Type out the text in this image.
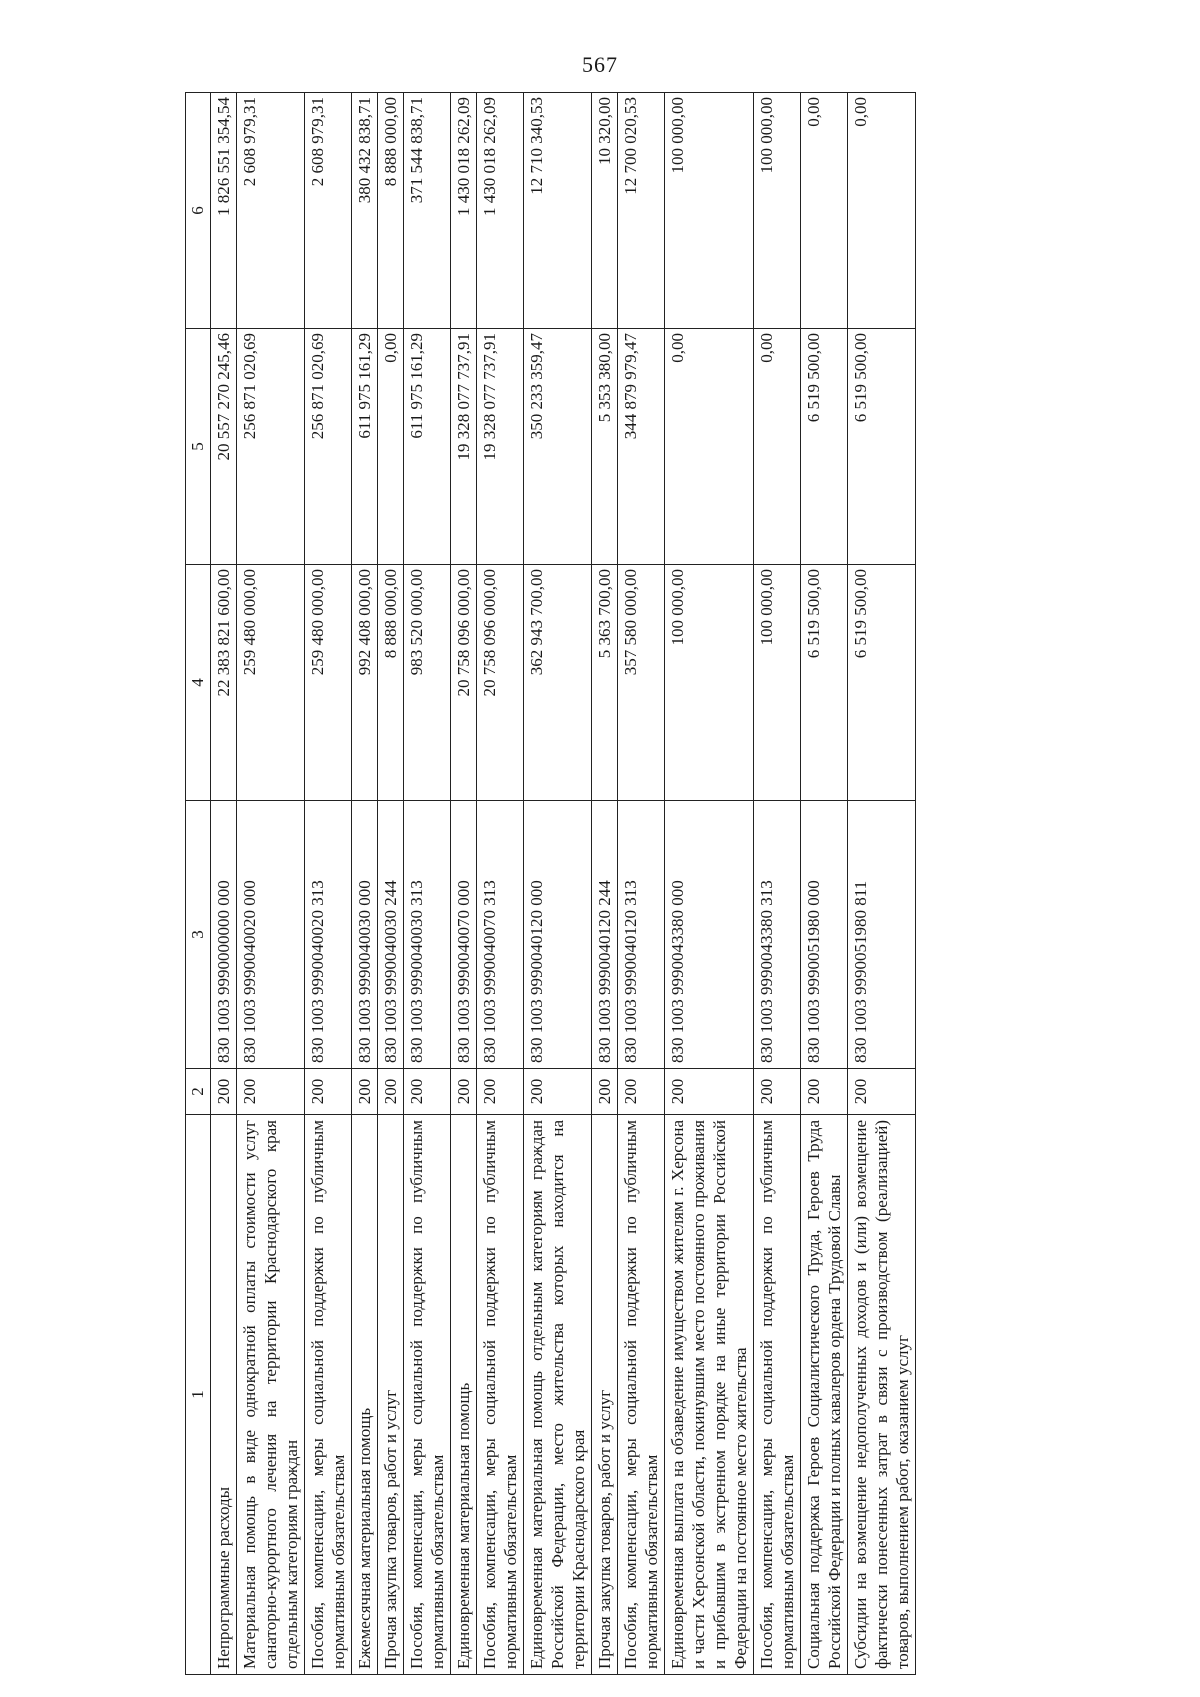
567
1	2	3	4	5	6
Непрограммные расходы	200	830 1003 9990000000 000	22 383 821 600,00	20 557 270 245,46	1 826 551 354,54
Материальная помощь в виде однократной оплаты стоимости услуг санаторно-курортного лечения на территории Краснодарского края отдельным категориям граждан	200	830 1003 9990040020 000	259 480 000,00	256 871 020,69	2 608 979,31
Пособия, компенсации, меры социальной поддержки по публичным нормативным обязательствам	200	830 1003 9990040020 313	259 480 000,00	256 871 020,69	2 608 979,31
Ежемесячная материальная помощь	200	830 1003 9990040030 000	992 408 000,00	611 975 161,29	380 432 838,71
Прочая закупка товаров, работ и услуг	200	830 1003 9990040030 244	8 888 000,00	0,00	8 888 000,00
Пособия, компенсации, меры социальной поддержки по публичным нормативным обязательствам	200	830 1003 9990040030 313	983 520 000,00	611 975 161,29	371 544 838,71
Единовременная материальная помощь	200	830 1003 9990040070 000	20 758 096 000,00	19 328 077 737,91	1 430 018 262,09
Пособия, компенсации, меры социальной поддержки по публичным нормативным обязательствам	200	830 1003 9990040070 313	20 758 096 000,00	19 328 077 737,91	1 430 018 262,09
Единовременная материальная помощь отдельным категориям граждан Российской Федерации, место жительства которых находится на территории Краснодарского края	200	830 1003 9990040120 000	362 943 700,00	350 233 359,47	12 710 340,53
Прочая закупка товаров, работ и услуг	200	830 1003 9990040120 244	5 363 700,00	5 353 380,00	10 320,00
Пособия, компенсации, меры социальной поддержки по публичным нормативным обязательствам	200	830 1003 9990040120 313	357 580 000,00	344 879 979,47	12 700 020,53
Единовременная выплата на обзаведение имуществом жителям г. Херсона и части Херсонской области, покинувшим место постоянного проживания и прибывшим в экстренном порядке на иные территории Российской Федерации на постоянное место жительства	200	830 1003 9990043380 000	100 000,00	0,00	100 000,00
Пособия, компенсации, меры социальной поддержки по публичным нормативным обязательствам	200	830 1003 9990043380 313	100 000,00	0,00	100 000,00
Социальная поддержка Героев Социалистического Труда, Героев Труда Российской Федерации и полных кавалеров ордена Трудовой Славы	200	830 1003 9990051980 000	6 519 500,00	6 519 500,00	0,00
Субсидии на возмещение недополученных доходов и (или) возмещение фактически понесенных затрат в связи с производством (реализацией) товаров, выполнением работ, оказанием услуг	200	830 1003 9990051980 811	6 519 500,00	6 519 500,00	0,00
